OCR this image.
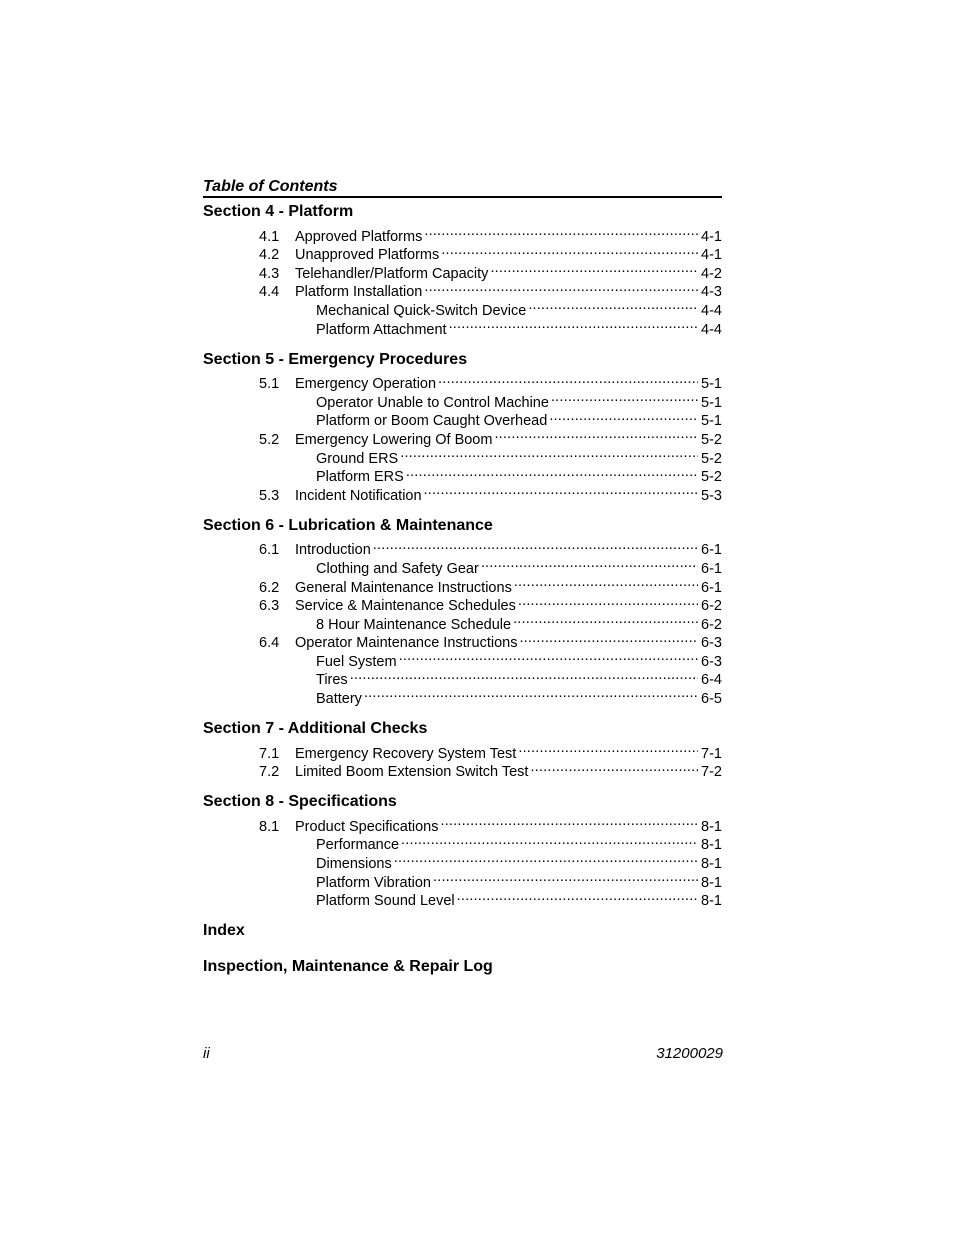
Table of Contents
Section 4 - Platform
4.1	Approved Platforms .....	4-1
4.2	Unapproved Platforms .....	4-1
4.3	Telehandler/Platform Capacity .....	4-2
4.4	Platform Installation .....	4-3
Mechanical Quick-Switch Device .....	4-4
Platform Attachment .....	4-4
Section 5 - Emergency Procedures
5.1	Emergency Operation .....	5-1
Operator Unable to Control Machine .....	5-1
Platform or Boom Caught Overhead .....	5-1
5.2	Emergency Lowering Of Boom .....	5-2
Ground ERS .....	5-2
Platform ERS .....	5-2
5.3	Incident Notification .....	5-3
Section 6 - Lubrication & Maintenance
6.1	Introduction .....	6-1
Clothing and Safety Gear .....	6-1
6.2	General Maintenance Instructions .....	6-1
6.3	Service & Maintenance Schedules .....	6-2
8 Hour Maintenance Schedule .....	6-2
6.4	Operator Maintenance Instructions .....	6-3
Fuel System .....	6-3
Tires .....	6-4
Battery .....	6-5
Section 7 - Additional Checks
7.1	Emergency Recovery System Test .....	7-1
7.2	Limited Boom Extension Switch Test .....	7-2
Section 8 - Specifications
8.1	Product Specifications .....	8-1
Performance .....	8-1
Dimensions .....	8-1
Platform Vibration .....	8-1
Platform Sound Level .....	8-1
Index
Inspection, Maintenance & Repair Log
ii	31200029
